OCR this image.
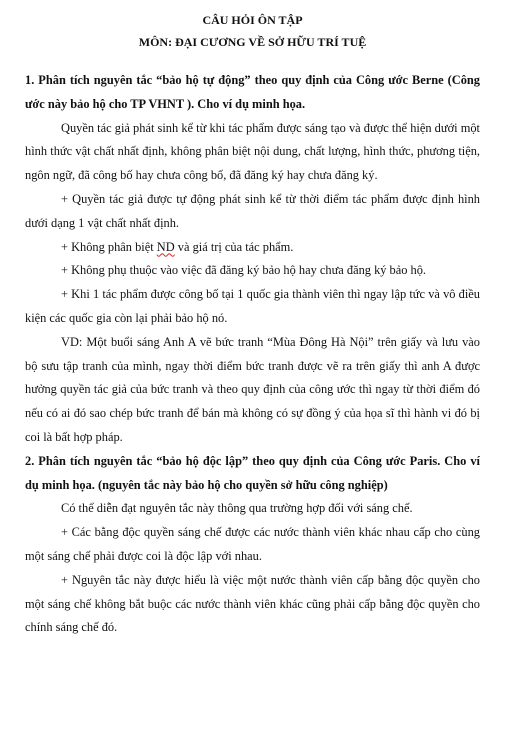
CÂU HỎI ÔN TẬP

MÔN: ĐẠI CƯƠNG VỀ SỞ HỮU TRÍ TUỆ

1. Phân tích nguyên tắc “bảo hộ tự động” theo quy định của Công ước Berne (Công ước này bảo hộ cho TP VHNT ). Cho ví dụ minh họa.

Quyền tác giả phát sinh kể từ khi tác phẩm được sáng tạo và được thể hiện dưới một hình thức vật chất nhất định, không phân biệt nội dung, chất lượng, hình thức, phương tiện, ngôn ngữ, đã công bố hay chưa công bố, đã đăng ký hay chưa đăng ký.

+ Quyền tác giả được tự động phát sinh kể từ thời điểm tác phẩm được định hình dưới dạng 1 vật chất nhất định.

+ Không phân biệt ND và giá trị của tác phẩm.

+ Không phụ thuộc vào việc đã đăng ký bảo hộ hay chưa đăng ký bảo hộ.

+ Khi 1 tác phẩm được công bố tại 1 quốc gia thành viên thì ngay lập tức và vô điều kiện các quốc gia còn lại phải bảo hộ nó.

VD: Một buổi sáng Anh A vẽ bức tranh “Mùa Đông Hà Nội” trên giấy và lưu vào bộ sưu tập tranh của mình, ngay thời điểm bức tranh được vẽ ra trên giấy thì anh A được hưởng quyền tác giả của bức tranh và theo quy định của công ước thì ngay từ thời điểm đó nếu có ai đó sao chép bức tranh để bán mà không có sự đồng ý của họa sĩ thì hành vi đó bị coi là bất hợp pháp.

2. Phân tích nguyên tắc “bảo hộ độc lập” theo quy định của Công ước Paris. Cho ví dụ minh họa. (nguyên tắc này bảo hộ cho quyền sở hữu công nghiệp)

Có thể diễn đạt nguyên tắc này thông qua trường hợp đối với sáng chế.

+ Các bằng độc quyền sáng chế được các nước thành viên khác nhau cấp cho cùng một sáng chế phải được coi là độc lập với nhau.

+ Nguyên tắc này được hiểu là việc một nước thành viên cấp bằng độc quyền cho một sáng chế không bắt buộc các nước thành viên khác cũng phải cấp bằng độc quyền cho chính sáng chế đó.
